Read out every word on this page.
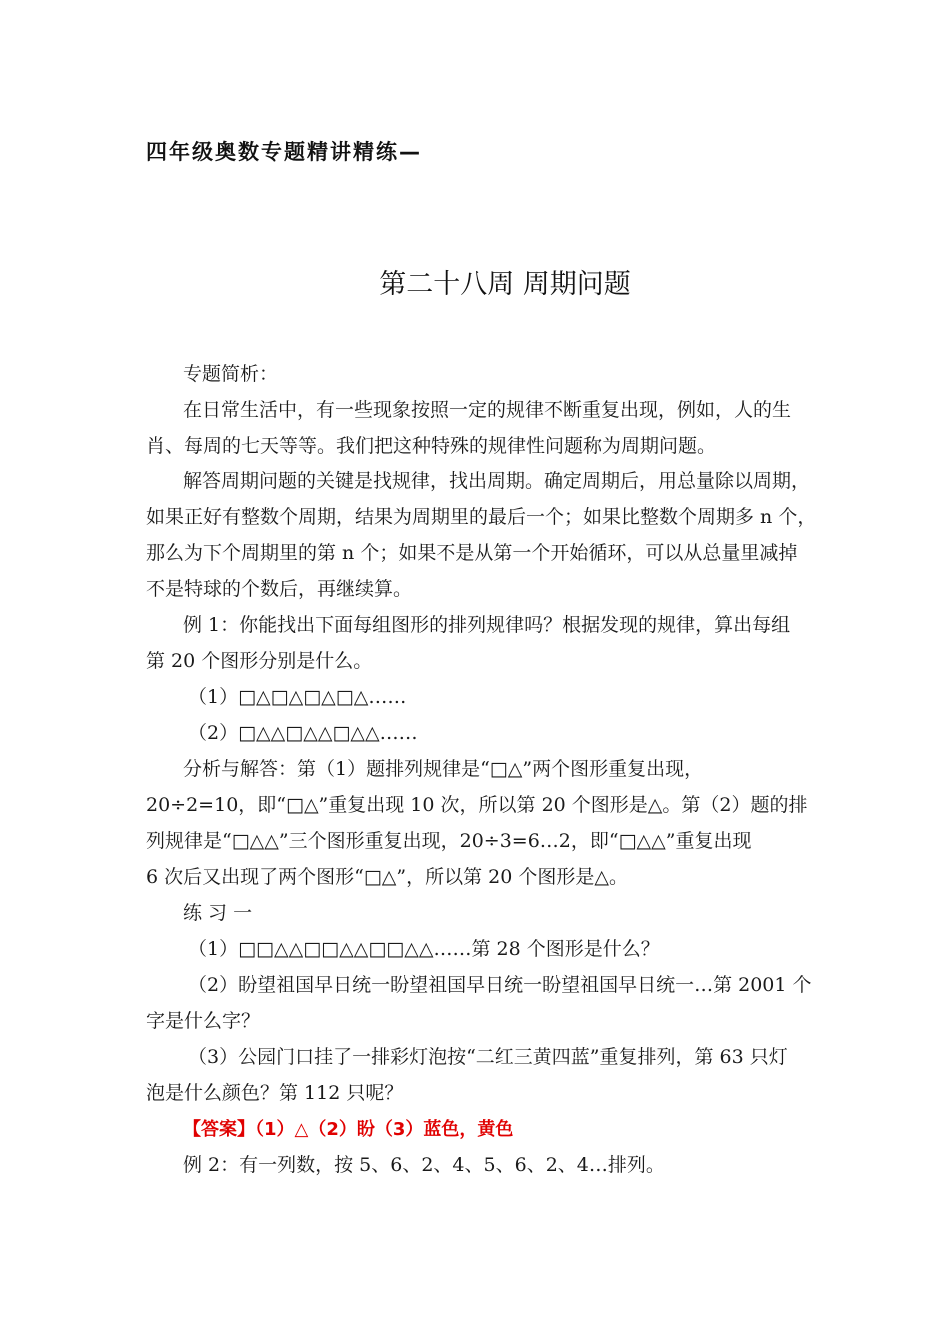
四年级奥数专题精讲精练—
第二十八周 周期问题
专题简析：
在日常生活中，有一些现象按照一定的规律不断重复出现，例如，人的生
肖、每周的七天等等。我们把这种特殊的规律性问题称为周期问题。
解答周期问题的关键是找规律，找出周期。确定周期后，用总量除以周期，
如果正好有整数个周期，结果为周期里的最后一个；如果比整数个周期多 n 个，
那么为下个周期里的第 n 个；如果不是从第一个开始循环，可以从总量里减掉
不是特球的个数后，再继续算。
例 1：你能找出下面每组图形的排列规律吗？根据发现的规律，算出每组
第 20 个图形分别是什么。
（1）□△□△□△□△……
（2）□△△□△△□△△……
分析与解答：第（1）题排列规律是“□△”两个图形重复出现，
20÷2=10，即“□△”重复出现 10 次，所以第 20 个图形是△。第（2）题的排
列规律是“□△△”三个图形重复出现，20÷3=6…2，即“□△△”重复出现
6 次后又出现了两个图形“□△”，所以第 20 个图形是△。
练 习 一
（1）□□△△□□△△□□△△……第 28 个图形是什么？
（2）盼望祖国早日统一盼望祖国早日统一盼望祖国早日统一…第 2001 个
字是什么字？
（3）公园门口挂了一排彩灯泡按“二红三黄四蓝”重复排列，第 63 只灯
泡是什么颜色？第 112 只呢？
【答案】（1）△（2）盼（3）蓝色，黄色
例 2：有一列数，按 5、6、2、4、5、6、2、4…排列。
